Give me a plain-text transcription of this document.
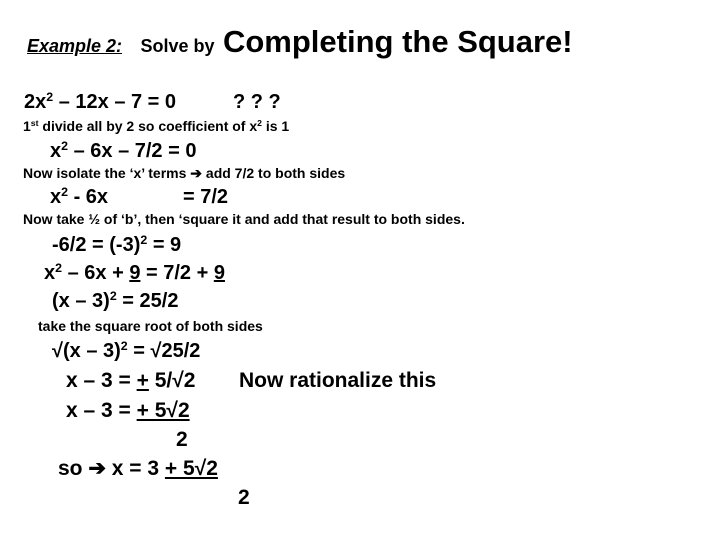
Example 2: Solve by Completing the Square!
$2x^2 - 12x - 7 = 0$	? ? ?
1st divide all by 2 so coefficient of $x^2$ is 1
$x^2 - 6x - 7/2 = 0$
Now isolate the ‘x’ terms ➔ add 7/2 to both sides
$x^2 - 6x$	= 7/2
Now take ½ of ‘b’, then ‘square it and add that result to both sides.
$-6/2 = (-3)^2 = 9$
$x^2 - 6x + 9 = 7/2 + 9$
(x – 3)$^2$ = 25/2
take the square root of both sides
√(x – 3)$^2$ = √25/2
x – 3 = + 5/√2 Now rationalize this
x – 3 = + 5√2
2
so ➔ x = 3 + 5√2
2
